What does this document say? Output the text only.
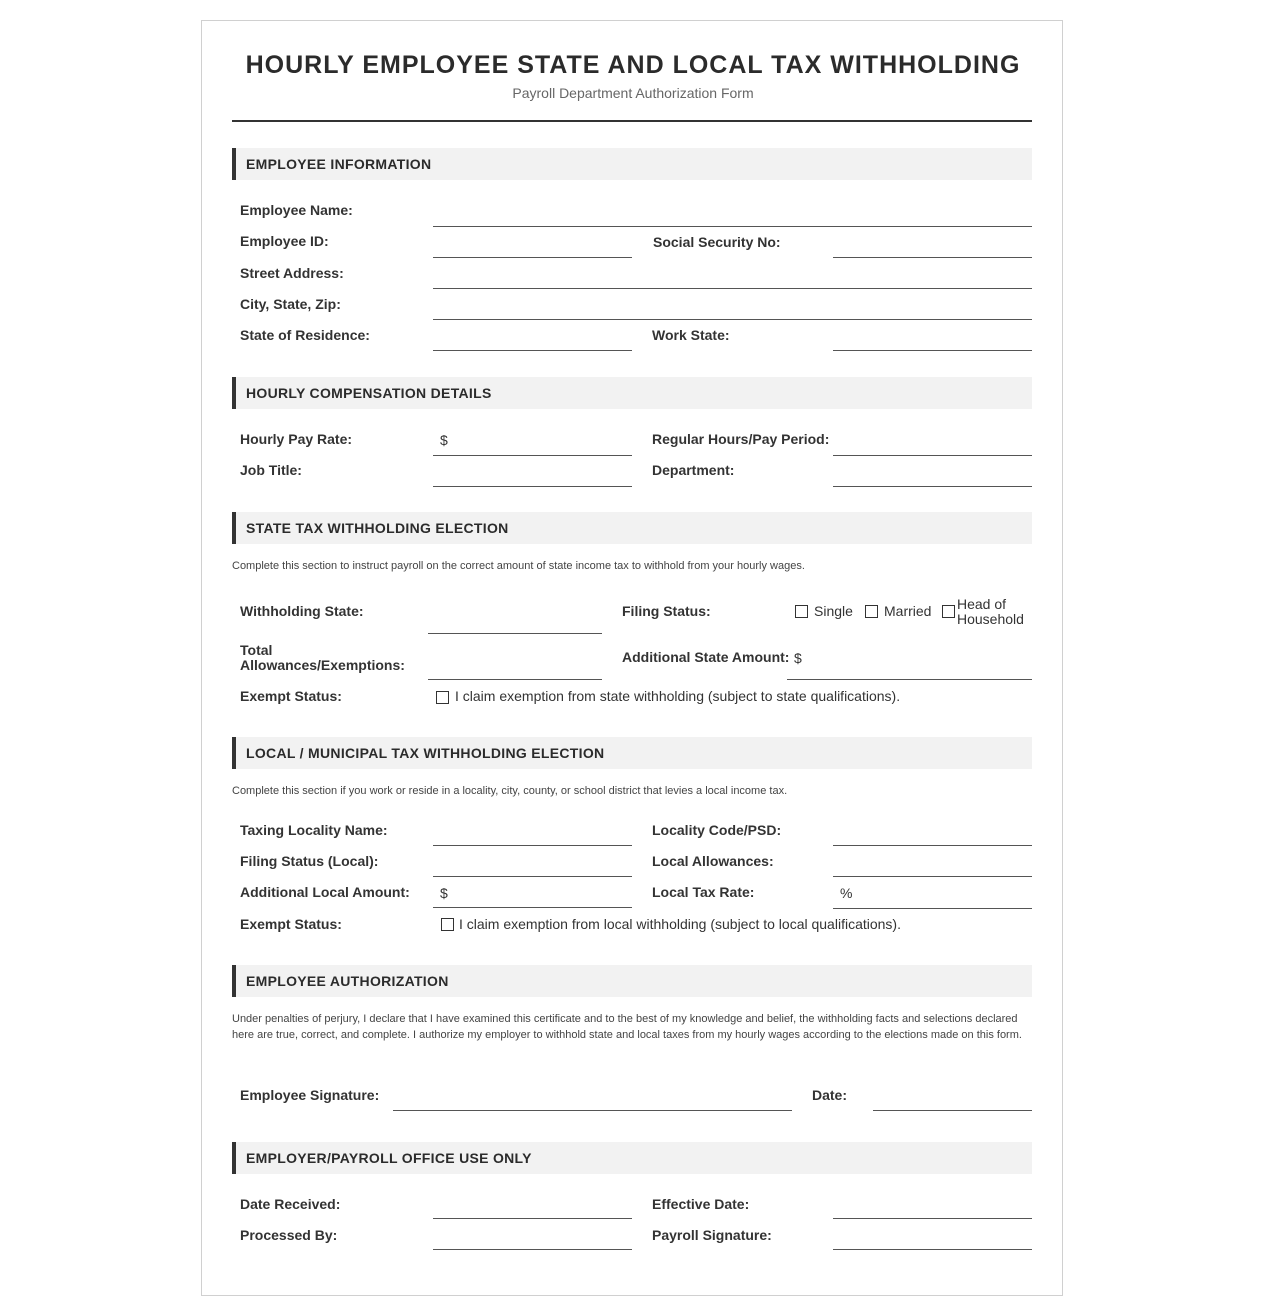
HOURLY EMPLOYEE STATE AND LOCAL TAX WITHHOLDING
Payroll Department Authorization Form
EMPLOYEE INFORMATION
Employee Name:
Employee ID:	Social Security No:
Street Address:
City, State, Zip:
State of Residence:	Work State:
HOURLY COMPENSATION DETAILS
Hourly Pay Rate:	$	Regular Hours/Pay Period:
Job Title:	Department:
STATE TAX WITHHOLDING ELECTION
Complete this section to instruct payroll on the correct amount of state income tax to withhold from your hourly wages.
Withholding State:	Filing Status:	Single Married Head of
Household
Total
Allowances/Exemptions:	Additional State Amount: $
Exempt Status:	I claim exemption from state withholding (subject to state qualifications).
LOCAL / MUNICIPAL TAX WITHHOLDING ELECTION
Complete this section if you work or reside in a locality, city, county, or school district that levies a local income tax.
Taxing Locality Name:	Locality Code/PSD:
Filing Status (Local):	Local Allowances:
Additional Local Amount: $	Local Tax Rate:	%
Exempt Status:	I claim exemption from local withholding (subject to local qualifications).
EMPLOYEE AUTHORIZATION
Under penalties of perjury, I declare that I have examined this certificate and to the best of my knowledge and belief, the withholding facts and selections declared
here are true, correct, and complete. I authorize my employer to withhold state and local taxes from my hourly wages according to the elections made on this form.
Employee Signature:	Date:
EMPLOYER/PAYROLL OFFICE USE ONLY
Date Received:	Effective Date:
Processed By:	Payroll Signature:
